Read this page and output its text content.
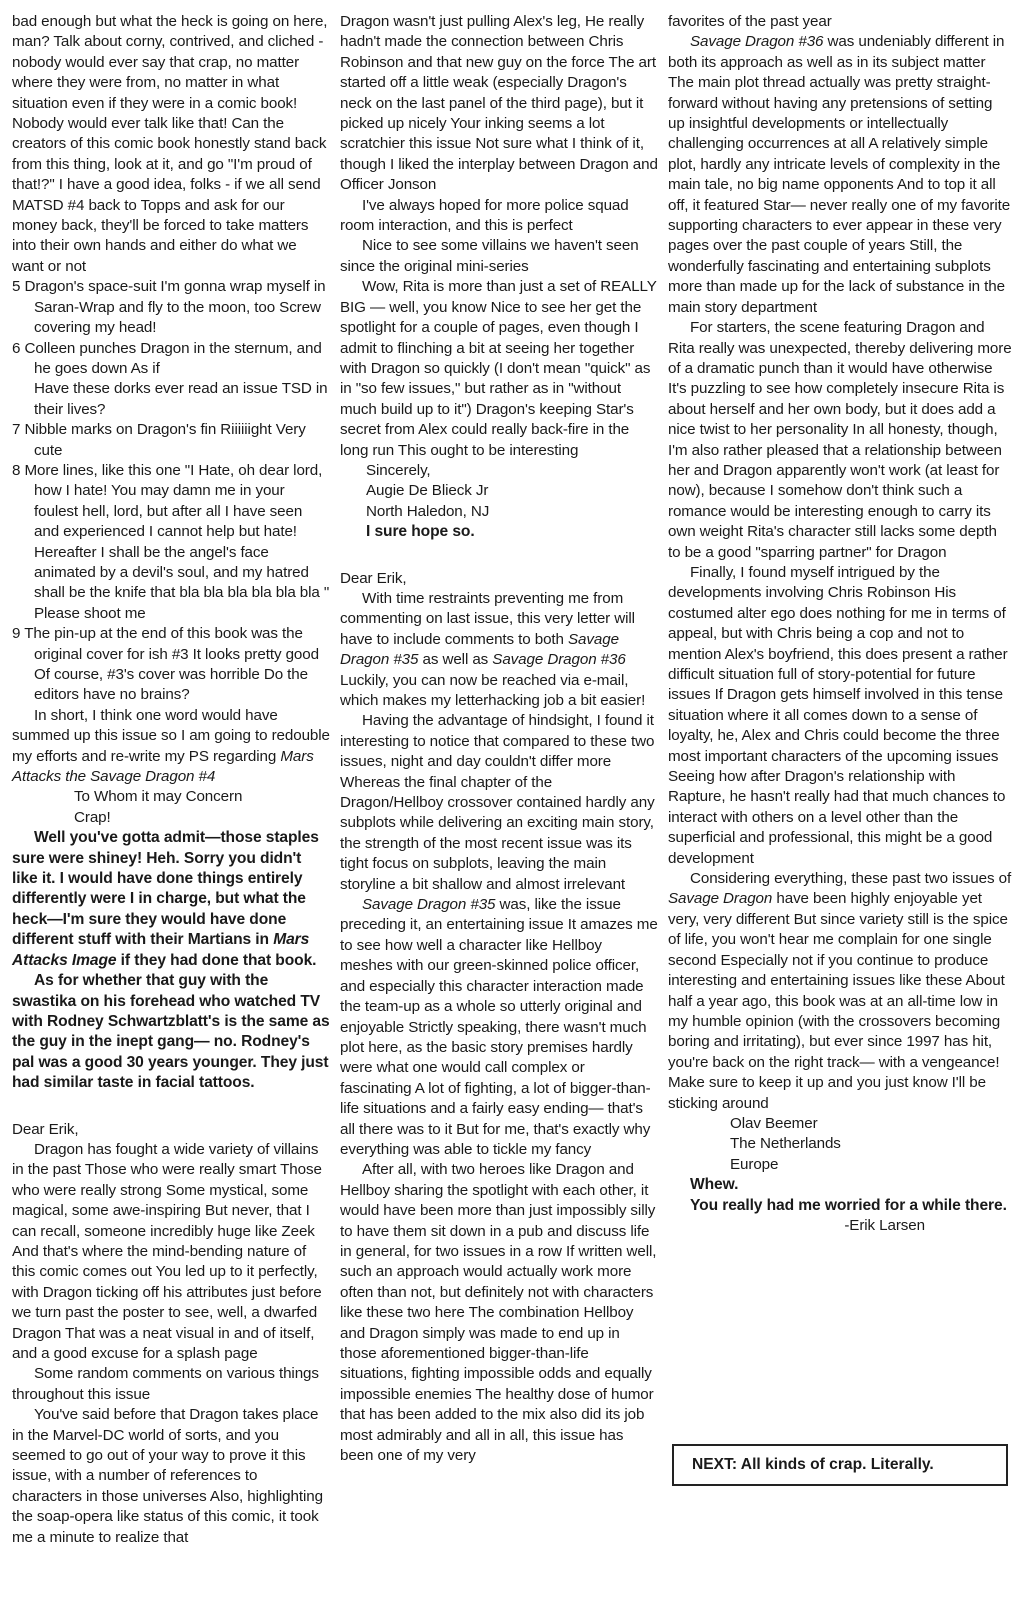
bad enough but what the heck is going on here, man? Talk about corny, contrived, and cliched - nobody would ever say that crap, no matter where they were from, no matter in what situation even if they were in a comic book! Nobody would ever talk like that! Can the creators of this comic book honestly stand back from this thing, look at it, and go "I'm proud of that!?" I have a good idea, folks - if we all send MATSD #4 back to Topps and ask for our money back, they'll be forced to take matters into their own hands and either do what we want or not

5 Dragon's space-suit I'm gonna wrap myself in Saran-Wrap and fly to the moon, too Screw covering my head!

6 Colleen punches Dragon in the sternum, and he goes down As if

Have these dorks ever read an issue TSD in their lives?

7 Nibble marks on Dragon's fin Riiiiiight Very cute

8 More lines, like this one "I Hate, oh dear lord, how I hate! You may damn me in your foulest hell, lord, but after all I have seen and experienced I cannot help but hate! Hereafter I shall be the angel's face animated by a devil's soul, and my hatred shall be the knife that bla bla bla bla bla bla " Please shoot me

9 The pin-up at the end of this book was the original cover for ish #3 It looks pretty good Of course, #3's cover was horrible Do the editors have no brains?

In short, I think one word would have summed up this issue so I am going to redouble my efforts and re-write my PS regarding Mars Attacks the Savage Dragon #4

To Whom it may Concern

Crap!

Well you've gotta admit—those staples sure were shiney! Heh. Sorry you didn't like it. I would have done things entirely differently were I in charge, but what the heck—I'm sure they would have done different stuff with their Martians in Mars Attacks Image if they had done that book.

As for whether that guy with the swastika on his forehead who watched TV with Rodney Schwartzblatt's is the same as the guy in the inept gang— no. Rodney's pal was a good 30 years younger. They just had similar taste in facial tattoos.

Dear Erik,

Dragon has fought a wide variety of villains in the past Those who were really smart Those who were really strong Some mystical, some magical, some awe-inspiring But never, that I can recall, someone incredibly huge like Zeek And that's where the mind-bending nature of this comic comes out You led up to it perfectly, with Dragon ticking off his attributes just before we turn past the poster to see, well, a dwarfed Dragon That was a neat visual in and of itself, and a good excuse for a splash page

Some random comments on various things throughout this issue

You've said before that Dragon takes place in the Marvel-DC world of sorts, and you seemed to go out of your way to prove it this issue, with a number of references to characters in those universes Also, highlighting the soap-opera like status of this comic, it took me a minute to realize that

Dragon wasn't just pulling Alex's leg, He really hadn't made the connection between Chris Robinson and that new guy on the force The art started off a little weak (especially Dragon's neck on the last panel of the third page), but it picked up nicely Your inking seems a lot scratchier this issue Not sure what I think of it, though I liked the interplay between Dragon and Officer Jonson

I've always hoped for more police squad room interaction, and this is perfect

Nice to see some villains we haven't seen since the original mini-series

Wow, Rita is more than just a set of REALLY BIG — well, you know Nice to see her get the spotlight for a couple of pages, even though I admit to flinching a bit at seeing her together with Dragon so quickly (I don't mean "quick" as in "so few issues," but rather as in "without much build up to it") Dragon's keeping Star's secret from Alex could really back-fire in the long run This ought to be interesting

Sincerely,

Augie De Blieck Jr

North Haledon, NJ

I sure hope so.

Dear Erik,

With time restraints preventing me from commenting on last issue, this very letter will have to include comments to both Savage Dragon #35 as well as Savage Dragon #36 Luckily, you can now be reached via e-mail, which makes my letterhacking job a bit easier!

Having the advantage of hindsight, I found it interesting to notice that compared to these two issues, night and day couldn't differ more Whereas the final chapter of the Dragon/Hellboy crossover contained hardly any subplots while delivering an exciting main story, the strength of the most recent issue was its tight focus on subplots, leaving the main storyline a bit shallow and almost irrelevant

Savage Dragon #35 was, like the issue preceding it, an entertaining issue It amazes me to see how well a character like Hellboy meshes with our green-skinned police officer, and especially this character interaction made the team-up as a whole so utterly original and enjoyable Strictly speaking, there wasn't much plot here, as the basic story premises hardly were what one would call complex or fascinating A lot of fighting, a lot of bigger-than-life situations and a fairly easy ending— that's all there was to it But for me, that's exactly why everything was able to tickle my fancy

After all, with two heroes like Dragon and Hellboy sharing the spotlight with each other, it would have been more than just impossibly silly to have them sit down in a pub and discuss life in general, for two issues in a row If written well, such an approach would actually work more often than not, but definitely not with characters like these two here The combination Hellboy and Dragon simply was made to end up in those aforementioned bigger-than-life situations, fighting impossible odds and equally impossible enemies The healthy dose of humor that has been added to the mix also did its job most admirably and all in all, this issue has been one of my very

favorites of the past year

Savage Dragon #36 was undeniably different in both its approach as well as in its subject matter The main plot thread actually was pretty straight-forward without having any pretensions of setting up insightful developments or intellectually challenging occurrences at all A relatively simple plot, hardly any intricate levels of complexity in the main tale, no big name opponents And to top it all off, it featured Star— never really one of my favorite supporting characters to ever appear in these very pages over the past couple of years Still, the wonderfully fascinating and entertaining subplots more than made up for the lack of substance in the main story department

For starters, the scene featuring Dragon and Rita really was unexpected, thereby delivering more of a dramatic punch than it would have otherwise It's puzzling to see how completely insecure Rita is about herself and her own body, but it does add a nice twist to her personality In all honesty, though, I'm also rather pleased that a relationship between her and Dragon apparently won't work (at least for now), because I somehow don't think such a romance would be interesting enough to carry its own weight Rita's character still lacks some depth to be a good "sparring partner" for Dragon

Finally, I found myself intrigued by the developments involving Chris Robinson His costumed alter ego does nothing for me in terms of appeal, but with Chris being a cop and not to mention Alex's boyfriend, this does present a rather difficult situation full of story-potential for future issues If Dragon gets himself involved in this tense situation where it all comes down to a sense of loyalty, he, Alex and Chris could become the three most important characters of the upcoming issues Seeing how after Dragon's relationship with Rapture, he hasn't really had that much chances to interact with others on a level other than the superficial and professional, this might be a good development

Considering everything, these past two issues of Savage Dragon have been highly enjoyable yet very, very different But since variety still is the spice of life, you won't hear me complain for one single second Especially not if you continue to produce interesting and entertaining issues like these About half a year ago, this book was at an all-time low in my humble opinion (with the crossovers becoming boring and irritating), but ever since 1997 has hit, you're back on the right track— with a vengeance! Make sure to keep it up and you just know I'll be sticking around

Olav Beemer

The Netherlands

Europe

Whew.

You really had me worried for a while there.

-Erik Larsen

NEXT: All kinds of crap. Literally.
